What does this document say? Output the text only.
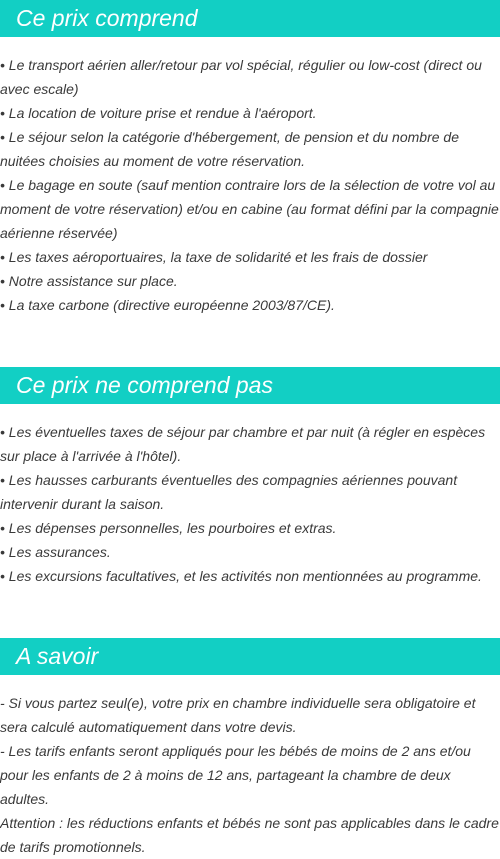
Ce prix comprend
• Le transport aérien aller/retour par vol spécial, régulier ou low-cost (direct ou avec escale)
• La location de voiture prise et rendue à l'aéroport.
• Le séjour selon la catégorie d'hébergement, de pension et du nombre de nuitées choisies au moment de votre réservation.
• Le bagage en soute (sauf mention contraire lors de la sélection de votre vol au moment de votre réservation) et/ou en cabine (au format défini par la compagnie aérienne réservée)
• Les taxes aéroportuaires, la taxe de solidarité et les frais de dossier
• Notre assistance sur place.
• La taxe carbone (directive européenne 2003/87/CE).
Ce prix ne comprend pas
• Les éventuelles taxes de séjour par chambre et par nuit (à régler en espèces sur place à l'arrivée à l'hôtel).
• Les hausses carburants éventuelles des compagnies aériennes pouvant intervenir durant la saison.
• Les dépenses personnelles, les pourboires et extras.
• Les assurances.
• Les excursions facultatives, et les activités non mentionnées au programme.
A savoir
- Si vous partez seul(e), votre prix en chambre individuelle sera obligatoire et sera calculé automatiquement dans votre devis.
- Les tarifs enfants seront appliqués pour les bébés de moins de 2 ans et/ou pour les enfants de 2 à moins de 12 ans, partageant la chambre de deux adultes.
Attention : les réductions enfants et bébés ne sont pas applicables dans le cadre de tarifs promotionnels.
